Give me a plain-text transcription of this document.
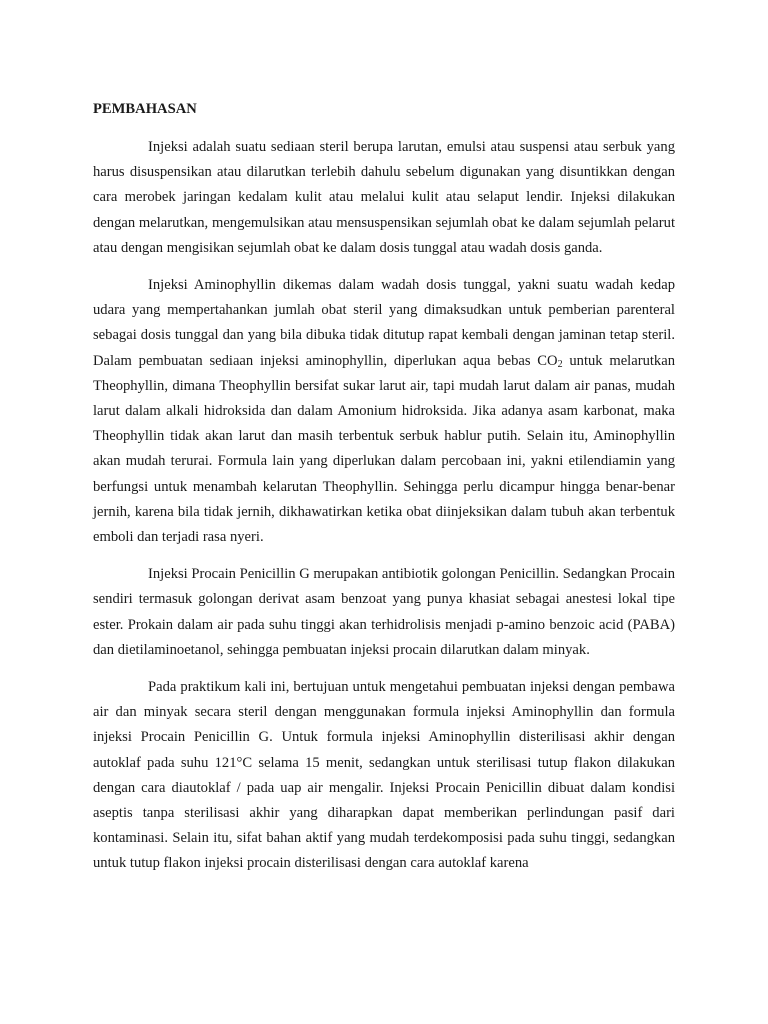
PEMBAHASAN

Injeksi adalah suatu sediaan steril berupa larutan, emulsi atau suspensi atau serbuk yang harus disuspensikan atau dilarutkan terlebih dahulu sebelum digunakan yang disuntikkan dengan cara merobek jaringan kedalam kulit atau melalui kulit atau selaput lendir. Injeksi dilakukan dengan melarutkan, mengemulsikan atau mensuspensikan sejumlah obat ke dalam sejumlah pelarut atau dengan mengisikan sejumlah obat ke dalam dosis tunggal atau wadah dosis ganda.

Injeksi Aminophyllin dikemas dalam wadah dosis tunggal, yakni suatu wadah kedap udara yang mempertahankan jumlah obat steril yang dimaksudkan untuk pemberian parenteral sebagai dosis tunggal dan yang bila dibuka tidak ditutup rapat kembali dengan jaminan tetap steril. Dalam pembuatan sediaan injeksi aminophyllin, diperlukan aqua bebas $CO_2$ untuk melarutkan Theophyllin, dimana Theophyllin bersifat sukar larut air, tapi mudah larut dalam air panas, mudah larut dalam alkali hidroksida dan dalam Amonium hidroksida. Jika adanya asam karbonat, maka Theophyllin tidak akan larut dan masih terbentuk serbuk hablur putih. Selain itu, Aminophyllin akan mudah terurai. Formula lain yang diperlukan dalam percobaan ini, yakni etilendiamin yang berfungsi untuk menambah kelarutan Theophyllin. Sehingga perlu dicampur hingga benar-benar jernih, karena bila tidak jernih, dikhawatirkan ketika obat diinjeksikan dalam tubuh akan terbentuk emboli dan terjadi rasa nyeri.

Injeksi Procain Penicillin G merupakan antibiotik golongan Penicillin. Sedangkan Procain sendiri termasuk golongan derivat asam benzoat yang punya khasiat sebagai anestesi lokal tipe ester. Prokain dalam air pada suhu tinggi akan terhidrolisis menjadi p-amino benzoic acid (PABA) dan dietilaminoetanol, sehingga pembuatan injeksi procain dilarutkan dalam minyak.

Pada praktikum kali ini, bertujuan untuk mengetahui pembuatan injeksi dengan pembawa air dan minyak secara steril dengan menggunakan formula injeksi Aminophyllin dan formula injeksi Procain Penicillin G. Untuk formula injeksi Aminophyllin disterilisasi akhir dengan autoklaf pada suhu 121°C selama 15 menit, sedangkan untuk sterilisasi tutup flakon dilakukan dengan cara diautoklaf / pada uap air mengalir. Injeksi Procain Penicillin dibuat dalam kondisi aseptis tanpa sterilisasi akhir yang diharapkan dapat memberikan perlindungan pasif dari kontaminasi. Selain itu, sifat bahan aktif yang mudah terdekomposisi pada suhu tinggi, sedangkan untuk tutup flakon injeksi procain disterilisasi dengan cara autoklaf karena
